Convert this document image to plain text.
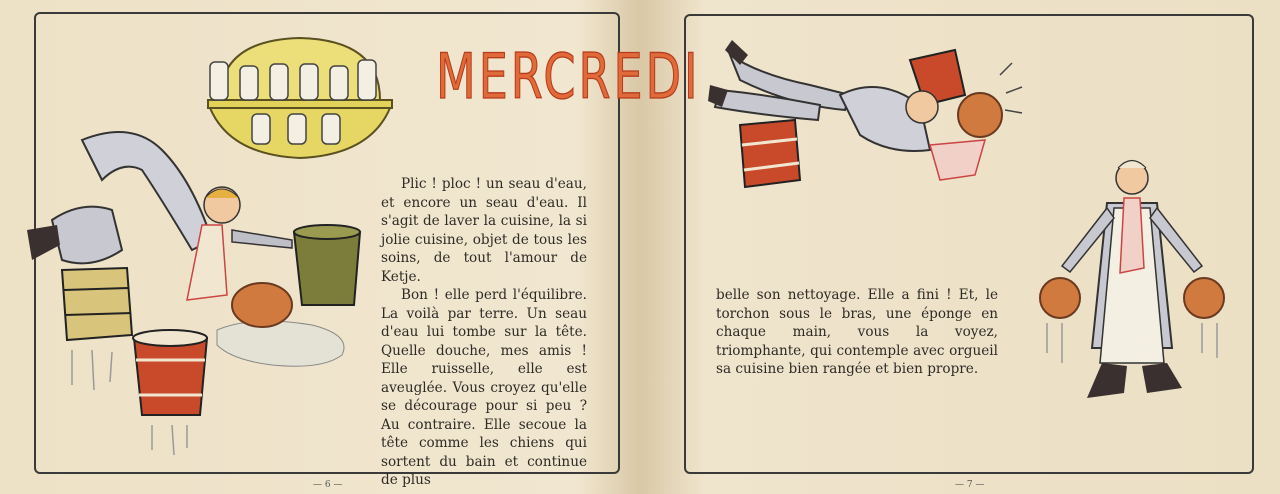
MERCREDI

Plic ! ploc ! un seau d'eau, et encore un seau d'eau. Il s'agit de laver la cuisine, la si jolie cuisine, objet de tous les soins, de tout l'amour de Ketje.

Bon ! elle perd l'équilibre. La voilà par terre. Un seau d'eau lui tombe sur la tête. Quelle douche, mes amis ! Elle ruisselle, elle est aveuglée. Vous croyez qu'elle se décourage pour si peu ? Au contraire. Elle secoue la tête comme les chiens qui sortent du bain et continue de plus

— 6 —
belle son nettoyage. Elle a fini ! Et, le torchon sous le bras, une éponge en chaque main, vous la voyez, triomphante, qui contemple avec orgueil sa cuisine bien rangée et bien propre.
— 7 —
